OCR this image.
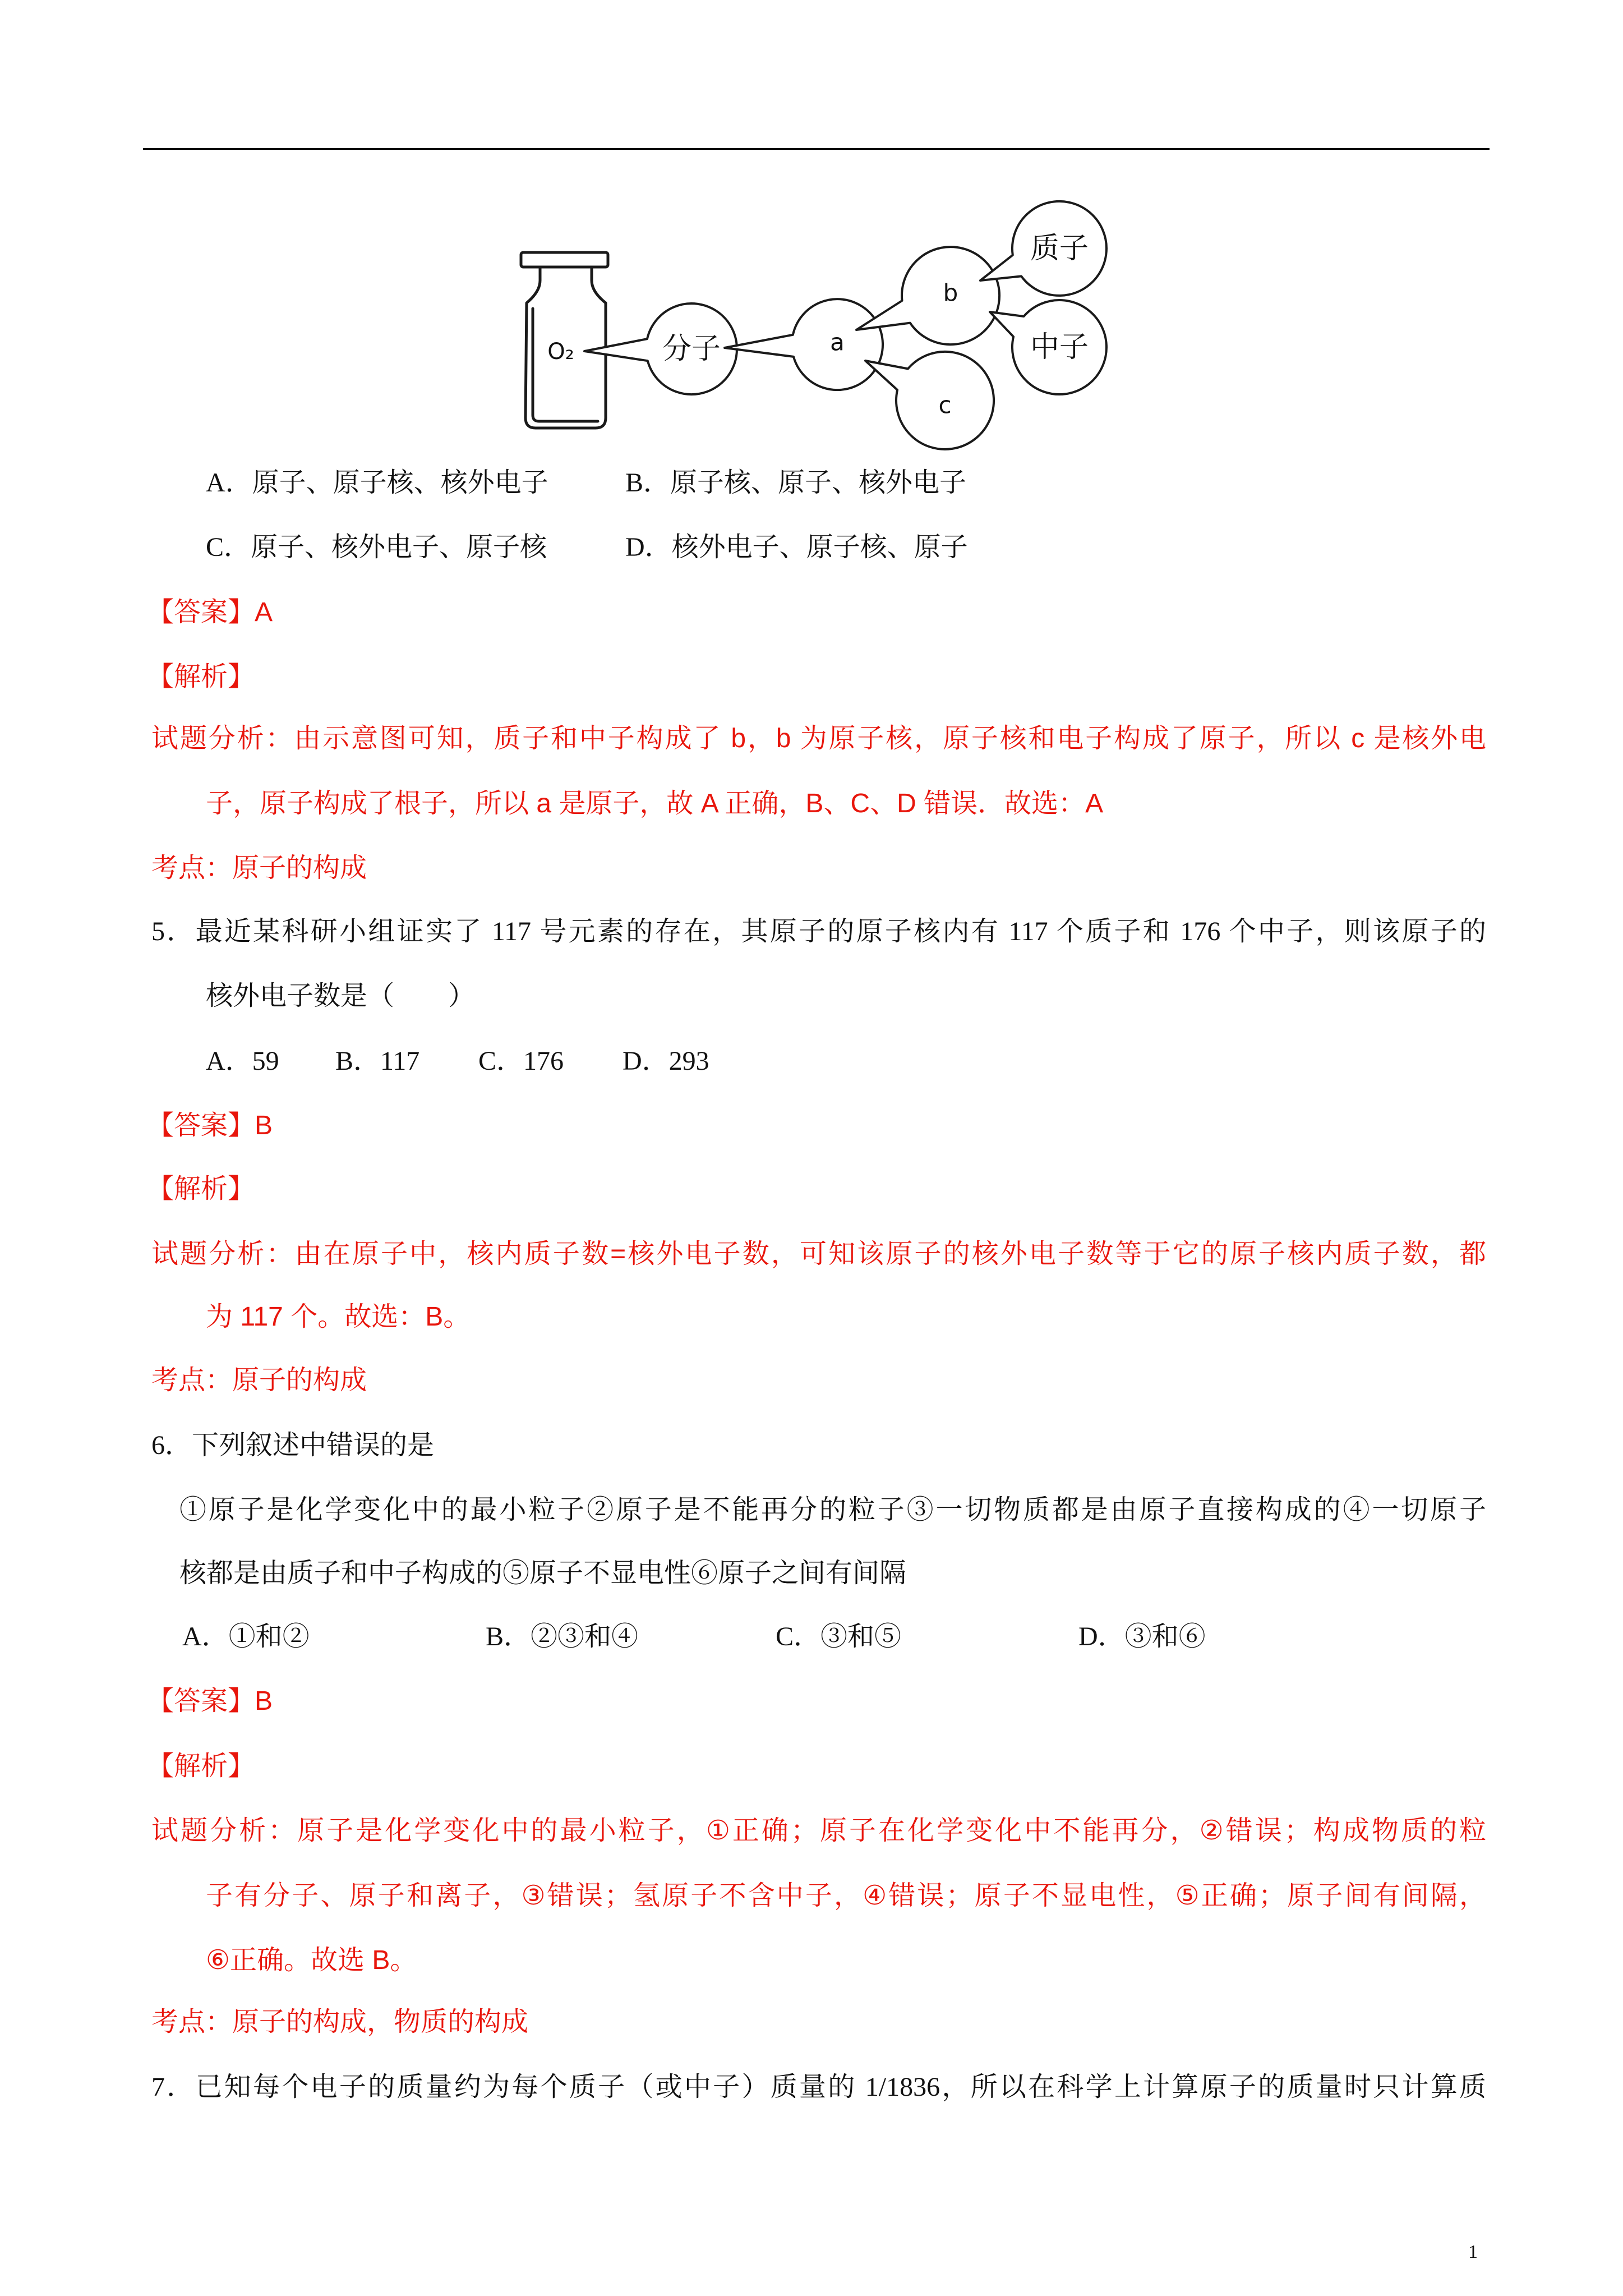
O₂	分子	a
b
c
质子
中子
A．原子、原子核、核外电子	B．原子核、原子、核外电子
C．原子、核外电子、原子核	D．核外电子、原子核、原子
【答案】A
【解析】
试题分析：由示意图可知，质子和中子构成了 b，b 为原子核，原子核和电子构成了原子，所以 c 是核外电
子，原子构成了根子，所以 a 是原子，故 A 正确，B、C、D 错误．故选：A
考点：原子的构成
5．最近某科研小组证实了 117 号元素的存在，其原子的原子核内有 117 个质子和 176 个中子，则该原子的
核外电子数是（　　）
A．59 B．117 C．176 D．293
【答案】B
【解析】
试题分析：由在原子中，核内质子数=核外电子数，可知该原子的核外电子数等于它的原子核内质子数，都
为 117 个。故选：B。
考点：原子的构成
6．下列叙述中错误的是
①原子是化学变化中的最小粒子②原子是不能再分的粒子③一切物质都是由原子直接构成的④一切原子
核都是由质子和中子构成的⑤原子不显电性⑥原子之间有间隔
A．①和②	B．②③和④	C．③和⑤	D．③和⑥
【答案】B
【解析】
试题分析：原子是化学变化中的最小粒子，①正确；原子在化学变化中不能再分，②错误；构成物质的粒
子有分子、原子和离子，③错误；氢原子不含中子，④错误；原子不显电性，⑤正确；原子间有间隔，
⑥正确。故选 B。
考点：原子的构成，物质的构成
7．已知每个电子的质量约为每个质子（或中子）质量的 1/1836，所以在科学上计算原子的质量时只计算质
1
